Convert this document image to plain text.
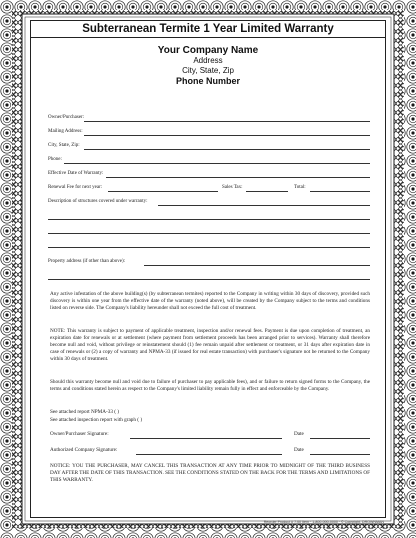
Subterranean Termite 1 Year Limited Warranty
Your Company Name
Address
City, State, Zip
Phone Number
Owner/Purchaser:
Mailing Address:
City, State, Zip:
Phone:
Effective Date of Warranty:
Renewal Fee for next year:	Sales Tax:	Total:
Description of structures covered under warranty:
Property address (if other than above):
Any active infestation of the above building(s) (by subterranean termites) reported to the Company in writing within 30 days of discovery, provided such discovery is within one year from the effective date of the warranty (noted above), will be created by the Company subject to the terms and conditions listed on reverse side. The Company's liability hereunder shall not exceed the full cost of treatment.
NOTE: This warranty is subject to payment of applicable treatment, inspection and/or renewal fees. Payment is due upon completion of treatment, an expiration date for renewals or at settlement (where payment from settlement proceeds has been arranged prior to services). Warranty shall therefore become null and void, without privilege or reinstatement should (1) fee remain unpaid after settlement or treatment, or 31 days after expiration date in case of renewals or (2) a copy of warranty and NPMA-33 (if issued for real estate transaction) with purchaser's signature not be returned to the Company within 30 days of treatment.
Should this warranty become null and void due to failure of purchaser to pay applicable fees), and or failure to return signed forms to the Company, the terms and conditions stated herein as respect to the Company's limited liability remain fully in effect and enforceable by the Company.
See attached report NPMA-33 ( )
See attached inspection report with graph ( )
Owner/Purchaser Signature:	Date
Authorized Company Signature:	Date
NOTICE: YOU THE PURCHASER, MAY CANCEL THIS TRANSACTION AT ANY TIME PRIOR TO MIDNIGHT OF THE THIRD BUSINESS DAY AFTER THE DATE OF THIS TRANSACTION. SEE THE CONDITIONS STATED ON THE BACK FOR THE TERMS AND LIMITATIONS OF THIS WARRANTY.
Reorder Product # 7.00 Item · 1-800-000-0000 · © Copyright. DROWNMAN
